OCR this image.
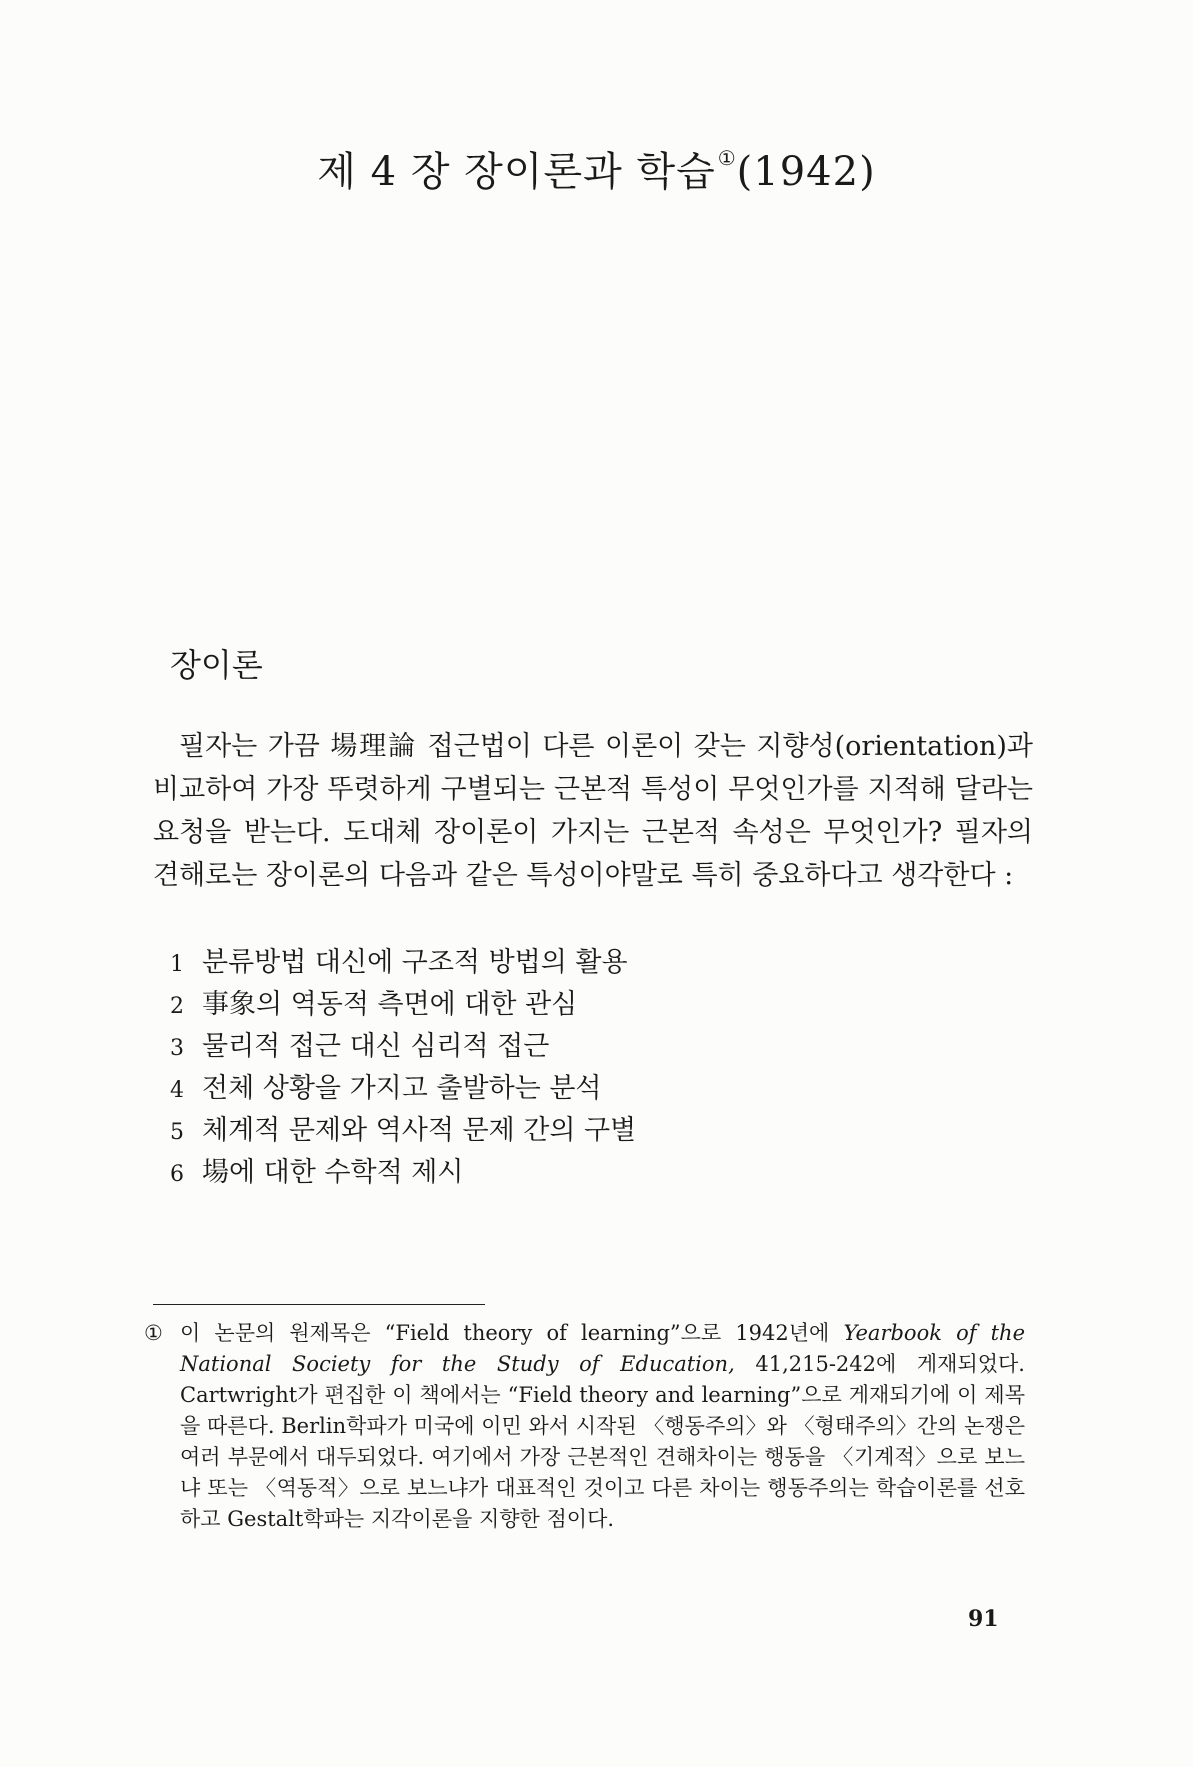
제 4 장 장이론과 학습 ①(1942)
장이론

필자는 가끔 場理論 접근법이 다른 이론이 갖는 지향성(orientation)과 비교하여 가장 뚜렷하게 구별되는 근본적 특성이 무엇인가를 지적해 달라는 요청을 받는다. 도대체 장이론이 가지는 근본적 속성은 무엇인가? 필자의 견해로는 장이론의 다음과 같은 특성이야말로 특히 중요하다고 생각한다 :

1 분류방법 대신에 구조적 방법의 활용
2 事象의 역동적 측면에 대한 관심
3 물리적 접근 대신 심리적 접근
4 전체 상황을 가지고 출발하는 분석
5 체계적 문제와 역사적 문제 간의 구별
6 場에 대한 수학적 제시

① 이 논문의 원제목은 “Field theory of learning”으로 1942년에 Yearbook of the National Society for the Study of Education, 41,215-242에 게재되었다. Cartwright가 편집한 이 책에서는 “Field theory and learning”으로 게재되기에 이 제목을 따른다. Berlin학파가 미국에 이민 와서 시작된 〈행동주의〉와 〈형태주의〉간의 논쟁은 여러 부문에서 대두되었다. 여기에서 가장 근본적인 견해차이는 행동을 〈기계적〉으로 보느냐 또는 〈역동적〉으로 보느냐가 대표적인 것이고 다른 차이는 행동주의는 학습이론를 선호하고 Gestalt학파는 지각이론을 지향한 점이다.

91
